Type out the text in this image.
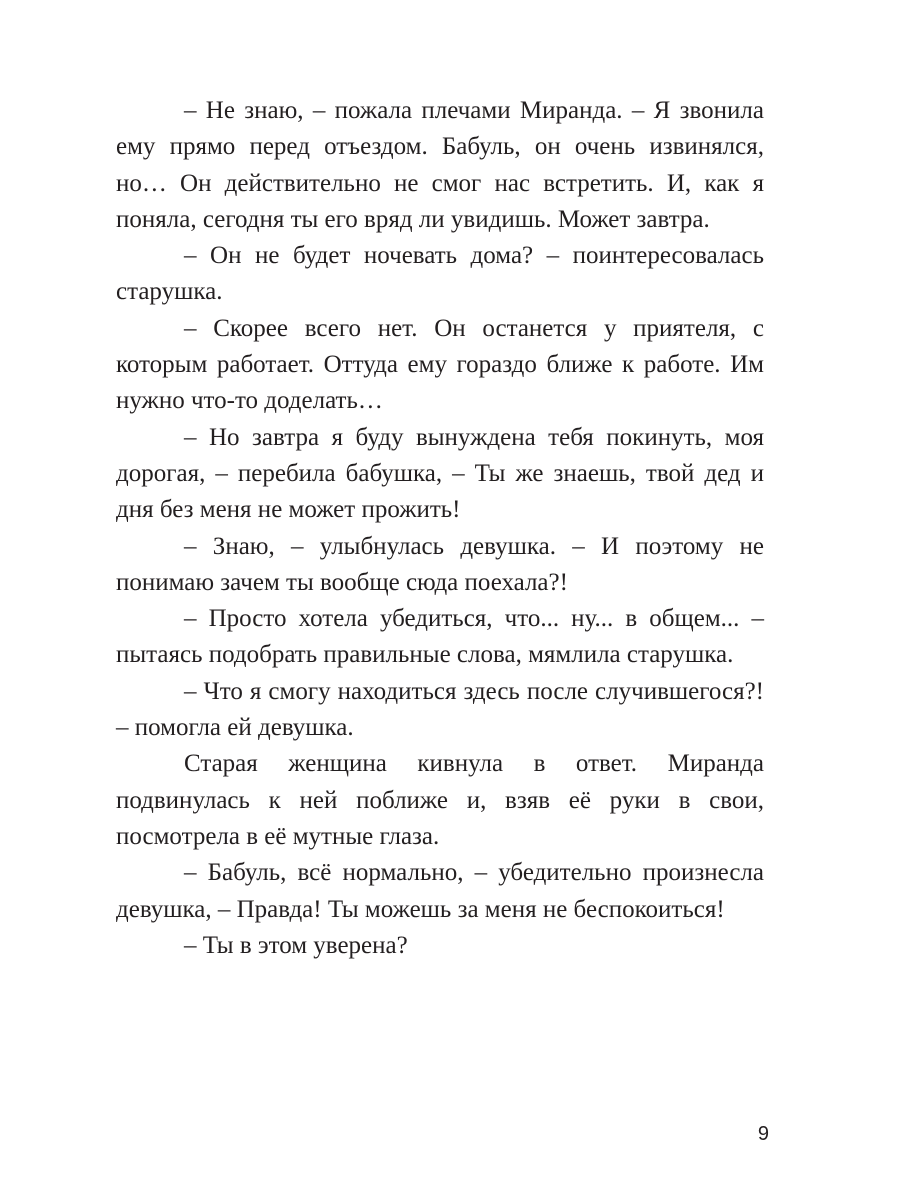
– Не знаю, – пожала плечами Миранда. – Я звонила ему прямо перед отъездом. Бабуль, он очень извинялся, но… Он действительно не смог нас встретить. И, как я поняла, сегодня ты его вряд ли увидишь. Может завтра.

– Он не будет ночевать дома? – поинтересовалась старушка.

– Скорее всего нет. Он останется у приятеля, с которым работает. Оттуда ему гораздо ближе к работе. Им нужно что-то доделать…

– Но завтра я буду вынуждена тебя покинуть, моя дорогая, – перебила бабушка, – Ты же знаешь, твой дед и дня без меня не может прожить!

– Знаю, – улыбнулась девушка. – И поэтому не понимаю зачем ты вообще сюда поехала?!

– Просто хотела убедиться, что... ну... в общем... – пытаясь подобрать правильные слова, мямлила старушка.

– Что я смогу находиться здесь после случившегося?! – помогла ей девушка.

Старая женщина кивнула в ответ. Миранда подвинулась к ней поближе и, взяв её руки в свои, посмотрела в её мутные глаза.

– Бабуль, всё нормально, – убедительно произнесла девушка, – Правда! Ты можешь за меня не беспокоиться!

– Ты в этом уверена?

9
